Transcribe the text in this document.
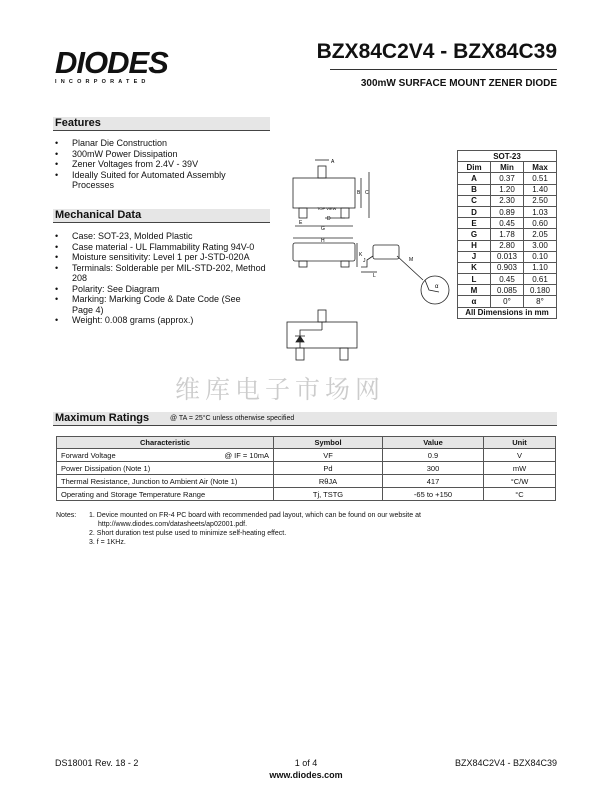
DIODES
INCORPORATED
BZX84C2V4 - BZX84C39
300mW SURFACE MOUNT ZENER DIODE
Features
• Planar Die Construction
• 300mW Power Dissipation
• Zener Voltages from 2.4V - 39V
• Ideally Suited for Automated Assembly Processes
Mechanical Data
• Case: SOT-23, Molded Plastic
• Case material - UL Flammability Rating 94V-0
• Moisture sensitivity: Level 1 per J-STD-020A
• Terminals: Solderable per MIL-STD-202, Method 208
• Polarity: See Diagram
• Marking: Marking Code & Date Code (See Page 4)
• Weight: 0.008 grams (approx.)
A
B C
TOP VIEW
D
E
G
H
K
J
L
M
α
SOT-23		
Dim	Min	Max
A	0.37	0.51
B	1.20	1.40
C	2.30	2.50
D	0.89	1.03
E	0.45	0.60
G	1.78	2.05
H	2.80	3.00
J	0.013	0.10
K	0.903	1.10
L	0.45	0.61
M	0.085	0.180
α	0°	8°
All Dimensions in mm		
维库电子市场网
Maximum Ratings	@ TA = 25°C unless otherwise specified
Characteristic	Symbol	Value	Unit
Forward Voltage @ IF = 10mA	VF	0.9	V
Power Dissipation (Note 1)	Pd	300	mW
Thermal Resistance, Junction to Ambient Air (Note 1)	RθJA	417	°C/W
Operating and Storage Temperature Range	Tj, TSTG	-65 to +150	°C
Notes:	1. Device mounted on FR-4 PC board with recommended pad layout, which can be found on our website at
http://www.diodes.com/datasheets/ap02001.pdf.
2. Short duration test pulse used to minimize self-heating effect.
3. f = 1KHz.
DS18001 Rev. 18 - 2	1 of 4
www.diodes.com
BZX84C2V4 - BZX84C39
